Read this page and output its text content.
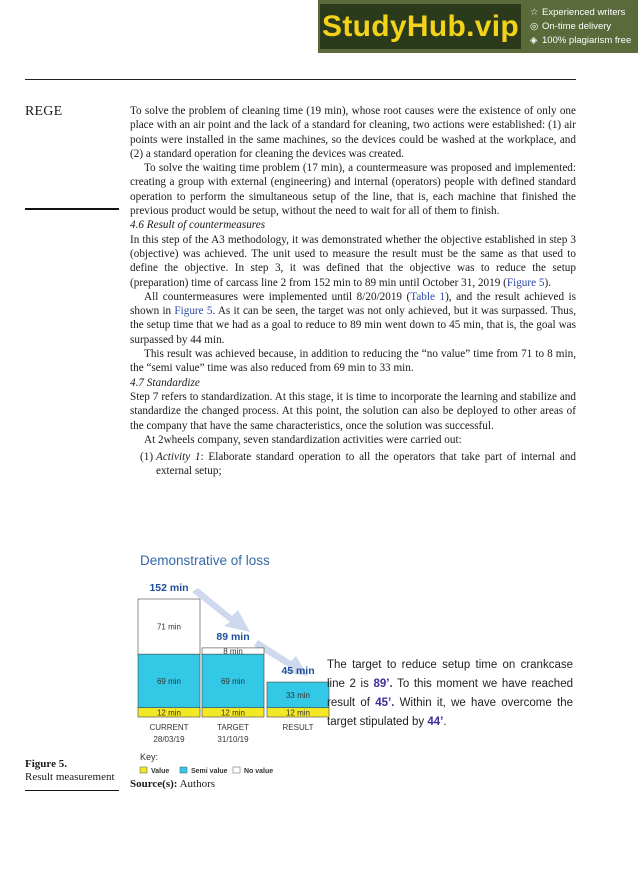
StudyHub.vip ☆ Experienced writers
◎ On-time delivery
◈ 100% plagiarism free
REGE	To solve the problem of cleaning time (19 min), whose root causes were the existence of only one place with an air point and the lack of a standard for cleaning, two actions were established: (1) air points were installed in the same machines, so the devices could be washed at the workplace, and (2) a standard operation for cleaning the devices was created.

To solve the waiting time problem (17 min), a countermeasure was proposed and implemented: creating a group with external (engineering) and internal (operators) people with defined standard operation to perform the simultaneous setup of the line, that is, each machine that finished the previous product would be setup, without the need to wait for all of them to finish.

4.6 Result of countermeasures

In this step of the A3 methodology, it was demonstrated whether the objective established in step 3 (objective) was achieved. The unit used to measure the result must be the same as that used to define the objective. In step 3, it was defined that the objective was to reduce the setup (preparation) time of carcass line 2 from 152 min to 89 min until October 31, 2019 (Figure 5).

All countermeasures were implemented until 8/20/2019 (Table 1), and the result achieved is shown in Figure 5. As it can be seen, the target was not only achieved, but it was surpassed. Thus, the setup time that we had as a goal to reduce to 89 min went down to 45 min, that is, the goal was surpassed by 44 min.

This result was achieved because, in addition to reducing the “no value” time from 71 to 8 min, the “semi value” time was also reduced from 69 min to 33 min.

4.7 Standardize

Step 7 refers to standardization. At this stage, it is time to incorporate the learning and stabilize and standardize the changed process. At this point, the solution can also be deployed to other areas of the company that have the same characteristics, once the solution was successful.

At 2wheels company, seven standardization activities were carried out:

(1) Activity 1: Elaborate standard operation to all the operators that take part of internal and external setup;
Demonstrative of loss
12 min
69 min
71 min
152 min
CURRENT
28/03/19
12 min
69 min
8 min
89 min
TARGET
31/10/19
12 min
33 min
45 min
RESULT
Key:
Value	Semi value No value
The target to reduce setup time on crankcase line 2 is 89’. To this moment we have reached result of 45’. Within it, we have overcome the target stipulated by 44’.
Figure 5.
Result measurement
Source(s): Authors
